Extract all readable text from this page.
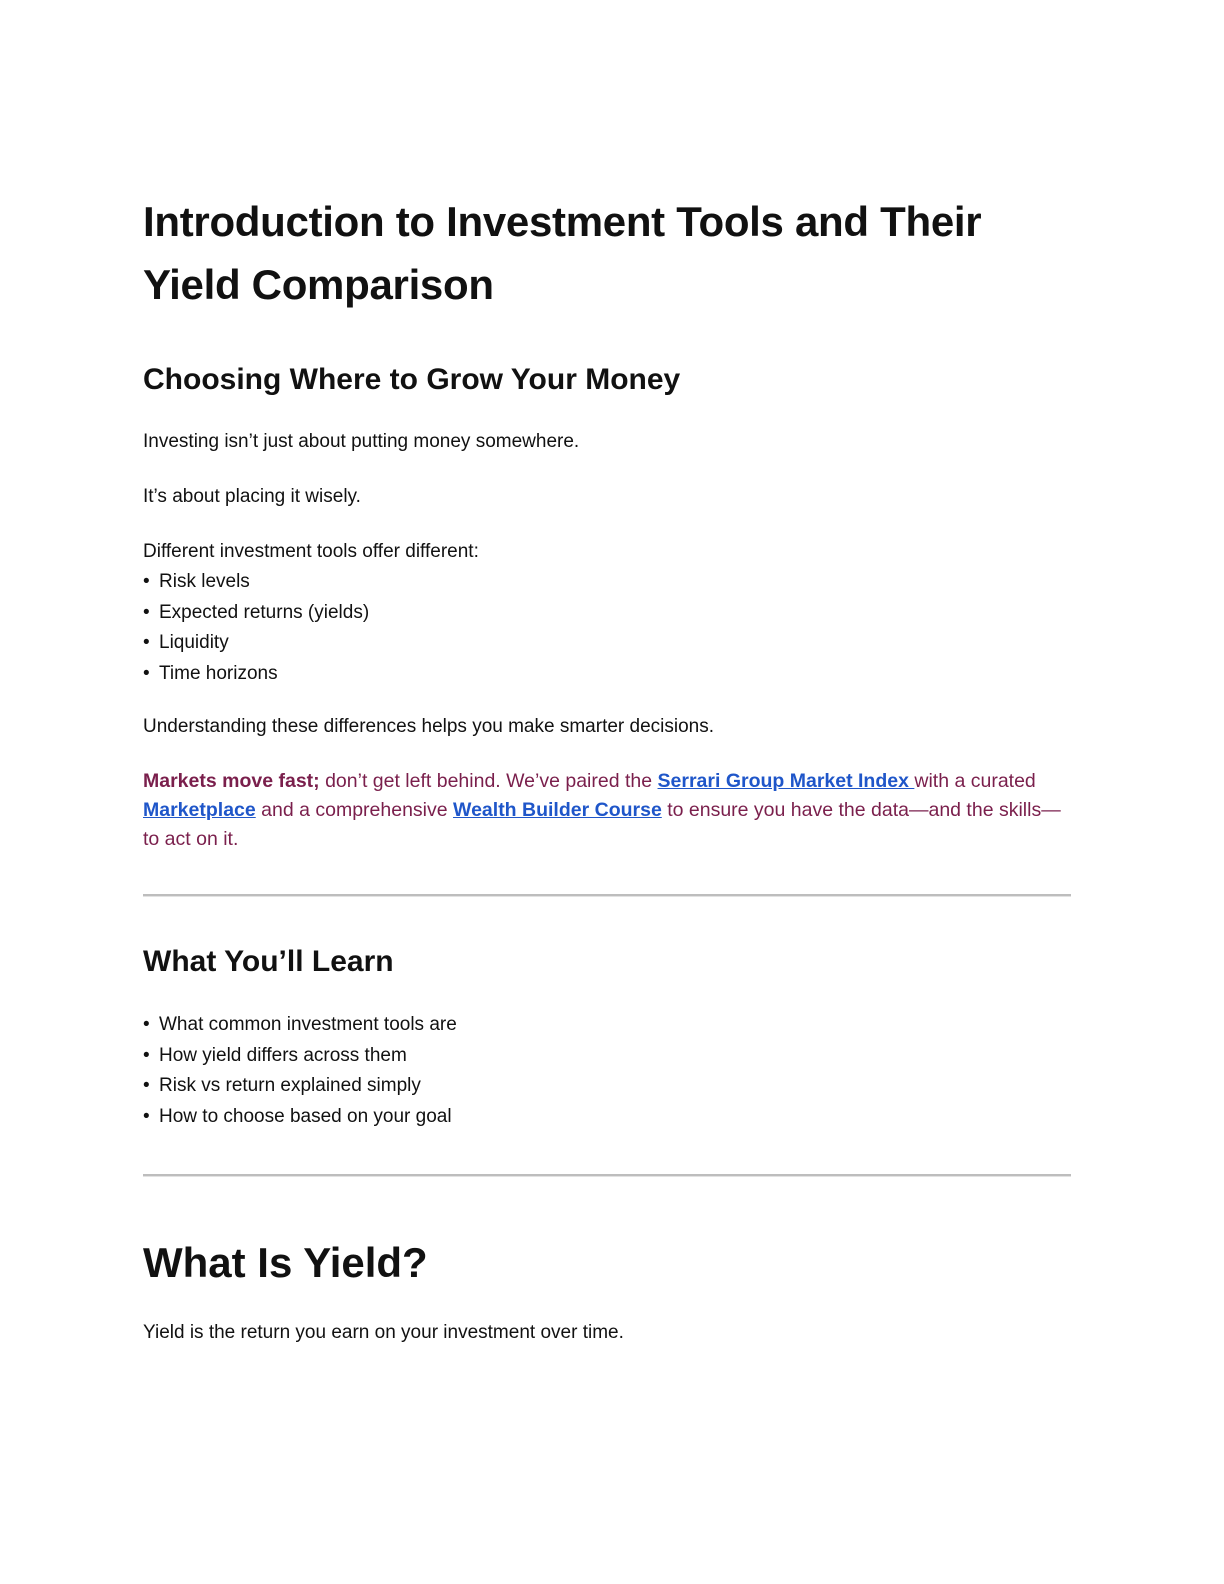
Introduction to Investment Tools and Their Yield Comparison
Choosing Where to Grow Your Money

Investing isn’t just about putting money somewhere.

It’s about placing it wisely.

Different investment tools offer different:

• Risk levels
• Expected returns (yields)
• Liquidity
• Time horizons

Understanding these differences helps you make smarter decisions.

Markets move fast; don’t get left behind. We’ve paired the Serrari Group Market Index with a curated Marketplace and a comprehensive Wealth Builder Course to ensure you have the data—and the skills—to act on it.

What You’ll Learn
• What common investment tools are
• How yield differs across them
• Risk vs return explained simply
• How to choose based on your goal
What Is Yield?

Yield is the return you earn on your investment over time.
